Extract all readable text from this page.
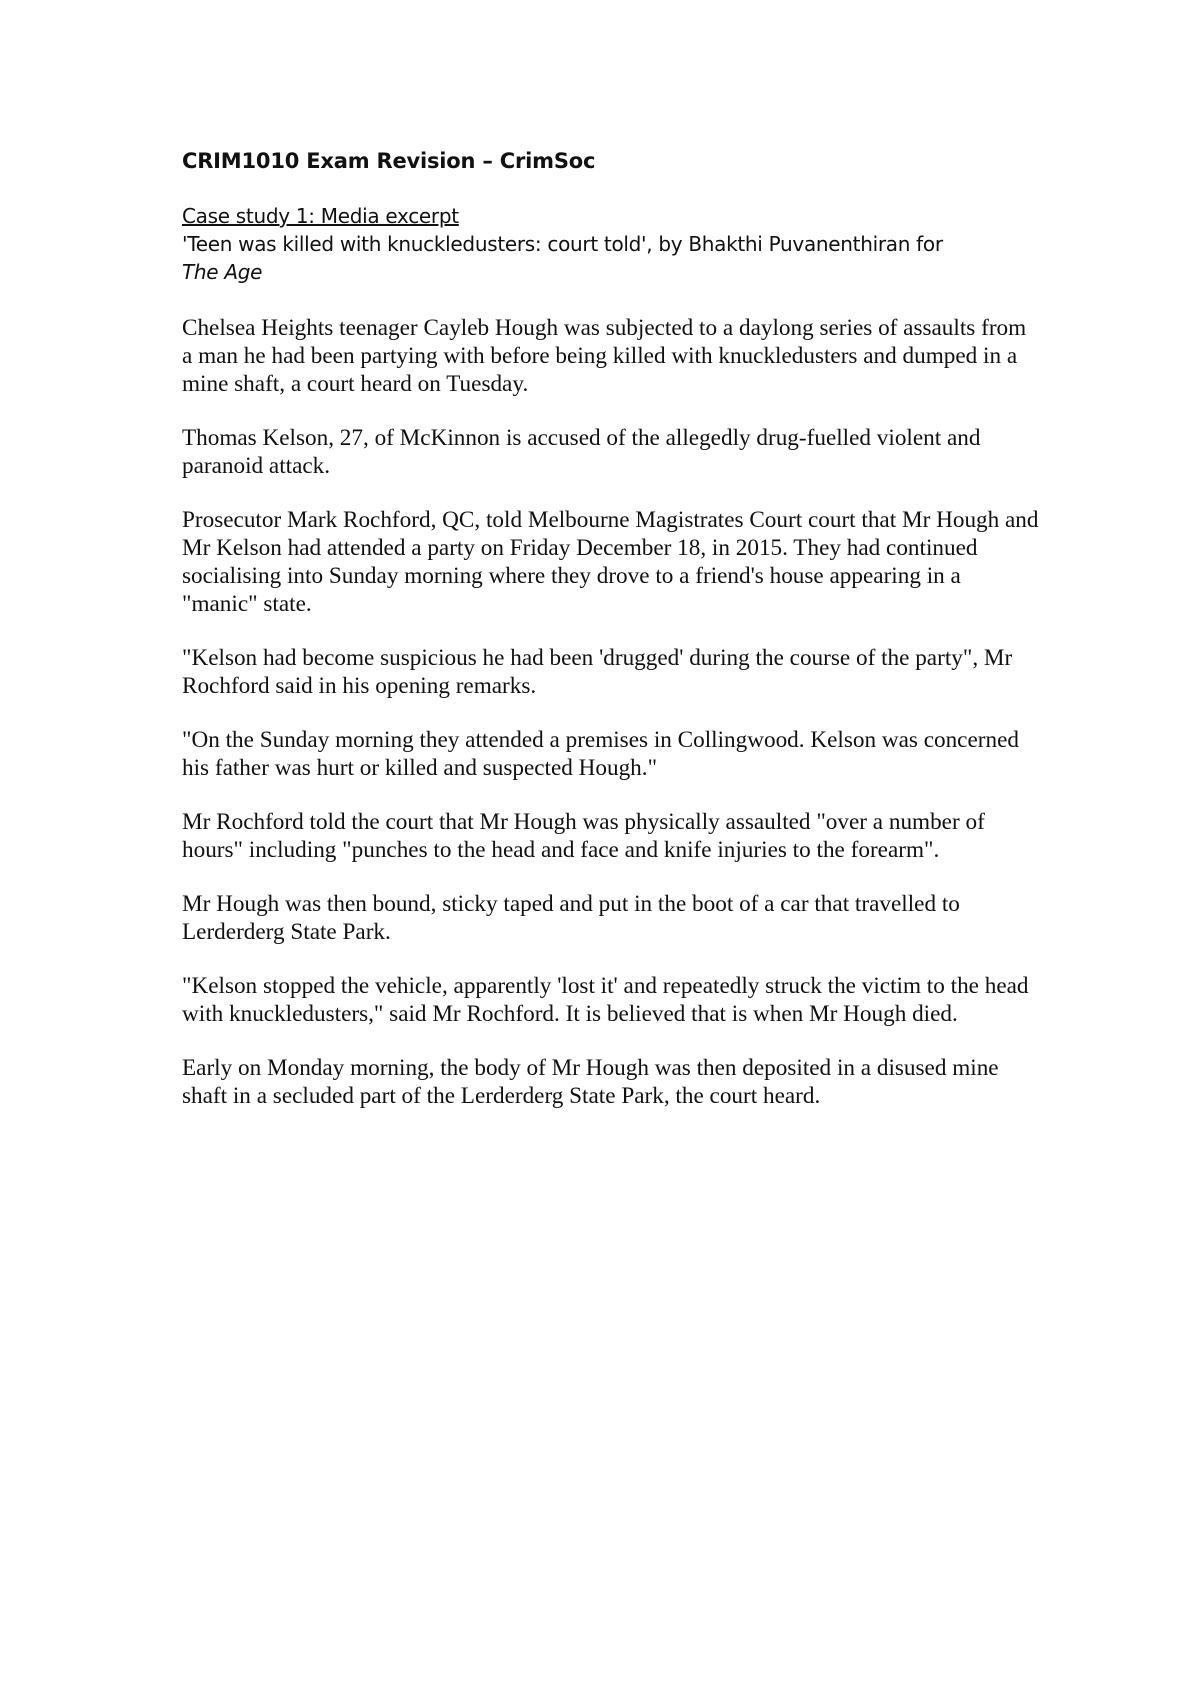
CRIM1010 Exam Revision – CrimSoc

Case study 1: Media excerpt

'Teen was killed with knuckledusters: court told', by Bhakthi Puvanenthiran for
The Age

Chelsea Heights teenager Cayleb Hough was subjected to a daylong series of assaults from a man he had been partying with before being killed with knuckledusters and dumped in a mine shaft, a court heard on Tuesday.

Thomas Kelson, 27, of McKinnon is accused of the allegedly drug-fuelled violent and paranoid attack.

Prosecutor Mark Rochford, QC, told Melbourne Magistrates Court court that Mr Hough and Mr Kelson had attended a party on Friday December 18, in 2015. They had continued socialising into Sunday morning where they drove to a friend's house appearing in a "manic" state.

"Kelson had become suspicious he had been 'drugged' during the course of the party", Mr Rochford said in his opening remarks.

"On the Sunday morning they attended a premises in Collingwood. Kelson was concerned his father was hurt or killed and suspected Hough."

Mr Rochford told the court that Mr Hough was physically assaulted "over a number of hours" including "punches to the head and face and knife injuries to the forearm".

Mr Hough was then bound, sticky taped and put in the boot of a car that travelled to Lerderderg State Park.

"Kelson stopped the vehicle, apparently 'lost it' and repeatedly struck the victim to the head with knuckledusters," said Mr Rochford. It is believed that is when Mr Hough died.

Early on Monday morning, the body of Mr Hough was then deposited in a disused mine shaft in a secluded part of the Lerderderg State Park, the court heard.
